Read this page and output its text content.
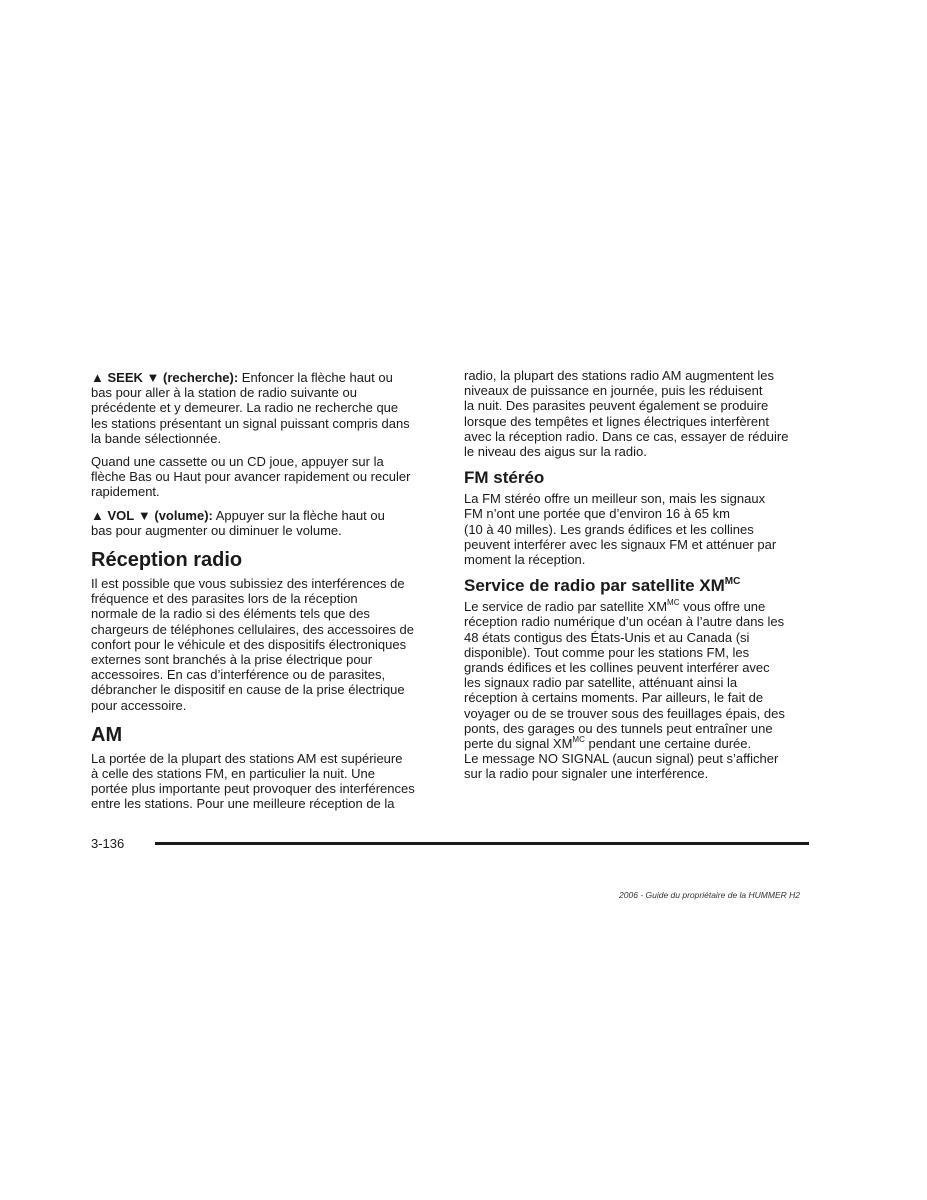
▲ SEEK ▼ (recherche): Enfoncer la flèche haut ou
bas pour aller à la station de radio suivante ou
précédente et y demeurer. La radio ne recherche que
les stations présentant un signal puissant compris dans
la bande sélectionnée.

Quand une cassette ou un CD joue, appuyer sur la
flèche Bas ou Haut pour avancer rapidement ou reculer
rapidement.

▲ VOL ▼ (volume): Appuyer sur la flèche haut ou
bas pour augmenter ou diminuer le volume.

Réception radio

Il est possible que vous subissiez des interférences de
fréquence et des parasites lors de la réception
normale de la radio si des éléments tels que des
chargeurs de téléphones cellulaires, des accessoires de
confort pour le véhicule et des dispositifs électroniques
externes sont branchés à la prise électrique pour
accessoires. En cas d’interférence ou de parasites,
débrancher le dispositif en cause de la prise électrique
pour accessoire.

AM

La portée de la plupart des stations AM est supérieure
à celle des stations FM, en particulier la nuit. Une
portée plus importante peut provoquer des interférences
entre les stations. Pour une meilleure réception de la

radio, la plupart des stations radio AM augmentent les
niveaux de puissance en journée, puis les réduisent
la nuit. Des parasites peuvent également se produire
lorsque des tempêtes et lignes électriques interfèrent
avec la réception radio. Dans ce cas, essayer de réduire
le niveau des aigus sur la radio.

FM stéréo

La FM stéréo offre un meilleur son, mais les signaux
FM n’ont une portée que d’environ 16 à 65 km
(10 à 40 milles). Les grands édifices et les collines
peuvent interférer avec les signaux FM et atténuer par
moment la réception.

Service de radio par satellite $XM^{MC}$

Le service de radio par satellite $XM^{MC}$ vous offre une
réception radio numérique d’un océan à l’autre dans les
48 états contigus des États-Unis et au Canada (si
disponible). Tout comme pour les stations FM, les
grands édifices et les collines peuvent interférer avec
les signaux radio par satellite, atténuant ainsi la
réception à certains moments. Par ailleurs, le fait de
voyager ou de se trouver sous des feuillages épais, des
ponts, des garages ou des tunnels peut entraîner une
perte du signal $XM^{MC}$ pendant une certaine durée.
Le message NO SIGNAL (aucun signal) peut s’afficher
sur la radio pour signaler une interférence.

3-136
2006 - Guide du propriétaire de la HUMMER H2
